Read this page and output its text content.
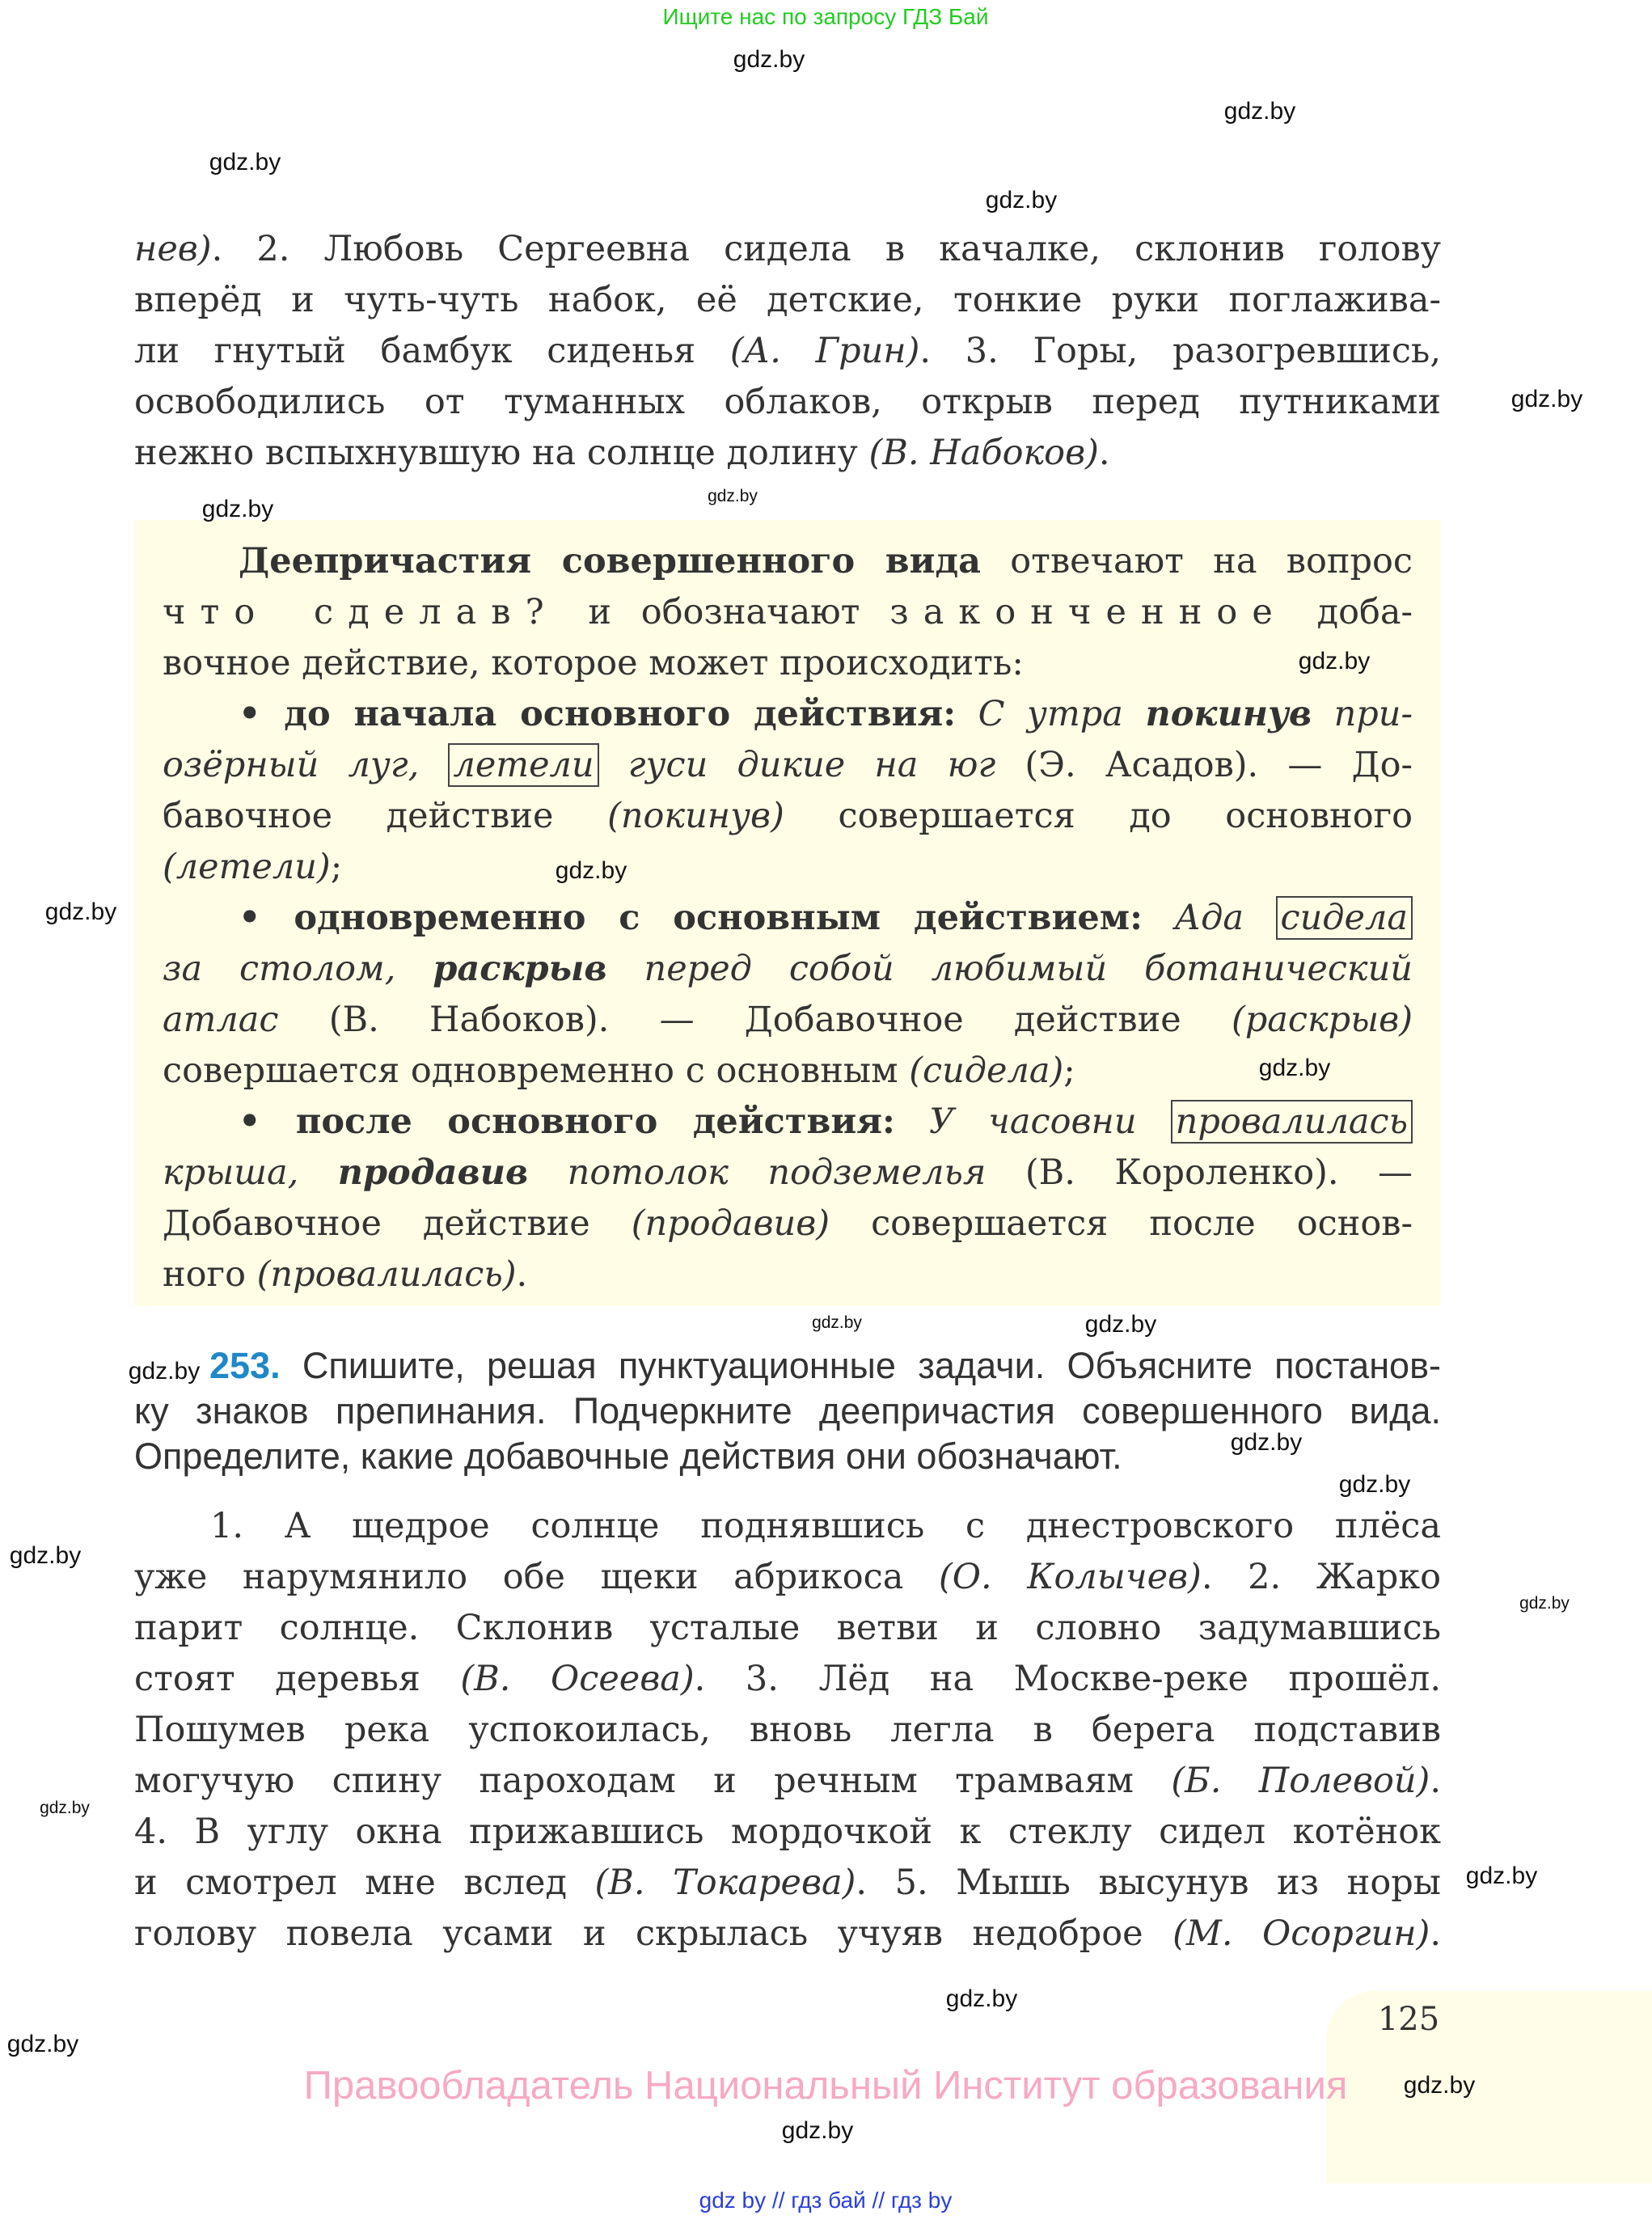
Ищите нас по запросу ГДЗ Бай
125
нев). 2. Любовь Сергеевна сидела в качалке, склонив голову
вперёд и чуть-чуть набок, её детские, тонкие руки поглажива-
ли гнутый бамбук сиденья (А. Грин). 3. Горы, разогревшись,
освободились от туманных облаков, открыв перед путниками
нежно вспыхнувшую на солнце долину (В. Набоков).
Деепричастия совершенного вида отвечают на вопрос
что сделав? и обозначают законченное доба-
вочное действие, которое может происходить:
• до начала основного действия: С утра покинув при-
озёрный луг, летели гуси дикие на юг (Э. Асадов). — До-
бавочное действие (покинув) совершается до основного
(летели);
• одновременно с основным действием: Ада сидела
за столом, раскрыв перед собой любимый ботанический
атлас (В. Набоков). — Добавочное действие (раскрыв)
совершается одновременно с основным (сидела);
• после основного действия: У часовни провалилась
крыша, продавив потолок подземелья (В. Короленко). —
Добавочное действие (продавив) совершается после основ-
ного (провалилась).
253. Спишите, решая пунктуационные задачи. Объясните постанов-
ку знаков препинания. Подчеркните деепричастия совершенного вида.
Определите, какие добавочные действия они обозначают.
1. А щедрое солнце поднявшись с днестровского плёса
уже нарумянило обе щеки абрикоса (О. Колычев). 2. Жарко
парит солнце. Склонив усталые ветви и словно задумавшись
стоят деревья (В. Осеева). 3. Лёд на Москве-реке прошёл.
Пошумев река успокоилась, вновь легла в берега подставив
могучую спину пароходам и речным трамваям (Б. Полевой).
4. В углу окна прижавшись мордочкой к стеклу сидел котёнок
и смотрел мне вслед (В. Токарева). 5. Мышь высунув из норы
голову повела усами и скрылась учуяв недоброе (М. Осоргин).
Правообладатель Национальный Институт образования
gdz by // гдз бай // гдз by
gdz.by
gdz.by
gdz.by
gdz.by
gdz.by
gdz.by
gdz.by
gdz.by
gdz.by
gdz.by
gdz.by
gdz.by
gdz.by
gdz.by
gdz.by
gdz.by
gdz.by
gdz.by
gdz.by
gdz.by
gdz.by
gdz.by
gdz.by
gdz.by
